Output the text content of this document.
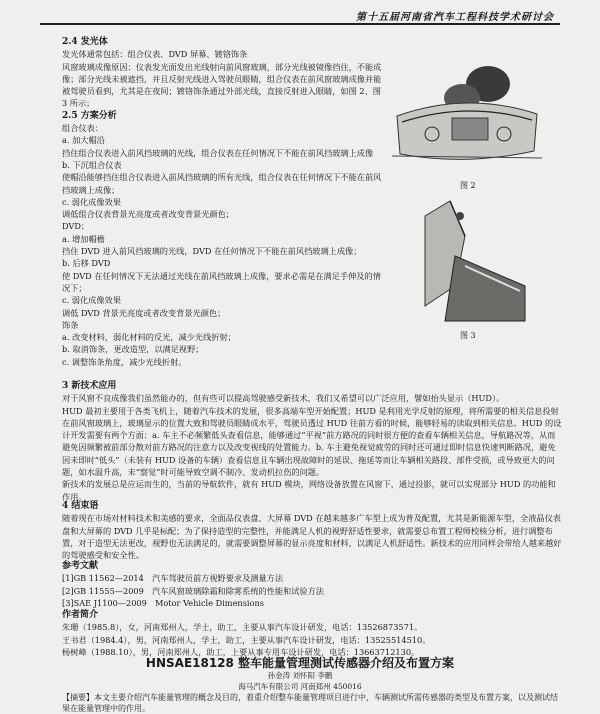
第十五届河南省汽车工程科技学术研讨会
2.4 发光体
发光体通常包括：组合仪表、DVD 屏幕、镀铬饰条
风窗玻璃成像原因：仪表发光面发出光线射向前风窗玻璃，部分光线被镜像挡住，不能成像；部分光线未被遮挡，并且反射光线进入驾驶员眼睛，组合仪表在前风窗玻璃成像并能被驾驶员看到，尤其是在夜间；镀铬饰条通过外部光线，直接反射进入眼睛，如图 2、图 3 所示；
2.5 方案分析
组合仪表：
a. 加大帽沿
挡住组合仪表进入前风挡玻璃的光线，组合仪表在任何情况下不能在前风挡玻璃上成像
b. 下沉组合仪表
使帽沿能够挡住组合仪表进入前风挡玻璃的所有光线，组合仪表在任何情况下不能在前风挡玻璃上成像；
c. 弱化成像效果
调低组合仪表背景光亮度或者改变背景光颜色；
DVD：
a. 增加帽檐
挡住 DVD 进入前风挡玻璃的光线，DVD 在任何情况下不能在前风挡玻璃上成像；
b. 后移 DVD
使 DVD 在任何情况下无法通过光线在前风挡玻璃上成像，要求必需是在满足手伸及的情况下；
c. 弱化成像效果
调低 DVD 背景光亮度或者改变背景光颜色；
饰条
a. 改变材料，弱化材料的反光，减少光线折射；
b. 取消饰条，更改造型，以满足视野；
c. 调整饰条角度，减少光线折射。
图 2
图 3
3 新技术应用
对于风窗不良成像我们虽然能办的，但有些可以提高驾驶感受新技术，我们又希望可以广泛应用，譬如抬头显示（HUD）。
HUD 最初主要用于各类飞机上，随着汽车技术的发展，很多高端车型开始配置；HUD 是利用光学反射的原理，将所需要的相关信息投射在前风窗玻璃上，玻璃显示的位置大致和驾驶员眼睛成水平，驾驶员透过 HUD 往前方看的时候，能够轻易的读取到相关信息。HUD 的设计开发需要有两个方面：a. 车主不必频繁低头查看信息，能够通过“平视”前方路况的同时很方便的查看车辆相关信息，导航路况等，从而避免因频繁被前部分散对前方路况的注意力以及改变视线的处置能力。b. 车主避免视觉疲劳的同时还可通过即时信息快速判断路况，避免因未即时“低头”（未装有 HUD 设备的车辆）查看信息且车辆出现故障时的延误、拖延等而让车辆相关路段、部件受损，或导致更大的问题，如水温升高，未“察觉”时可能导致空调不制冷、发动机拉伤的问题。
新技术的发展总是应运而生的，当前的导航软件，就有 HUD 模块，网络设备放置在风窗下，通过投影，就可以实现部分 HUD 的功能和作用。
4 结束语
随着现在市场对材料技术和美感的要求，全面品仪表盘、大屏幕 DVD 在越来越多广车型上成为普及配置，尤其是新能源车型，全液晶仪表盘和大屏幕的 DVD 几乎是标配；为了保持造型的完整性，并能满足人机的视野舒适性要求，就需要总布置工程师校核分析，进行调整布置，对于造型无法更改，视野也无法满足的，就需要调整屏幕的显示亮度和材料，以满足人机舒适性。新技术的应用同样会带给人越来越好的驾驶感受和安全性。
参考文献
[1]GB 11562—2014　汽车驾驶员前方视野要求及测量方法
[2]GB 11555—2009　汽车风窗玻璃除霜和除雾系统的性能和试验方法
[3]SAE J1100—2009　Motor Vehicle Dimensions
作者简介
朱珊（1985.8），女，河南郑州人，学士，助工，主要从事汽车设计研发，电话：13526873571。
王书君（1984.4），男，河南郑州人，学士，助工，主要从事汽车设计研发，电话：13525514510。
杨树峰（1988.10），男，河南郑州人，助工，上要从事专用车设计研发，电话：13663712130。
HNSAE18128 整车能量管理测试传感器介绍及布置方案
孙金涛 刘怀阳 李鹏
海马汽车有限公司 河南郑州 450016
【摘要】本文主要介绍汽车能量管理的概念及目的，着重介绍整车能量管理项目进行中，车辆测试所需传感器的类型及布置方案，以及测试结果在能量管理中的作用。
